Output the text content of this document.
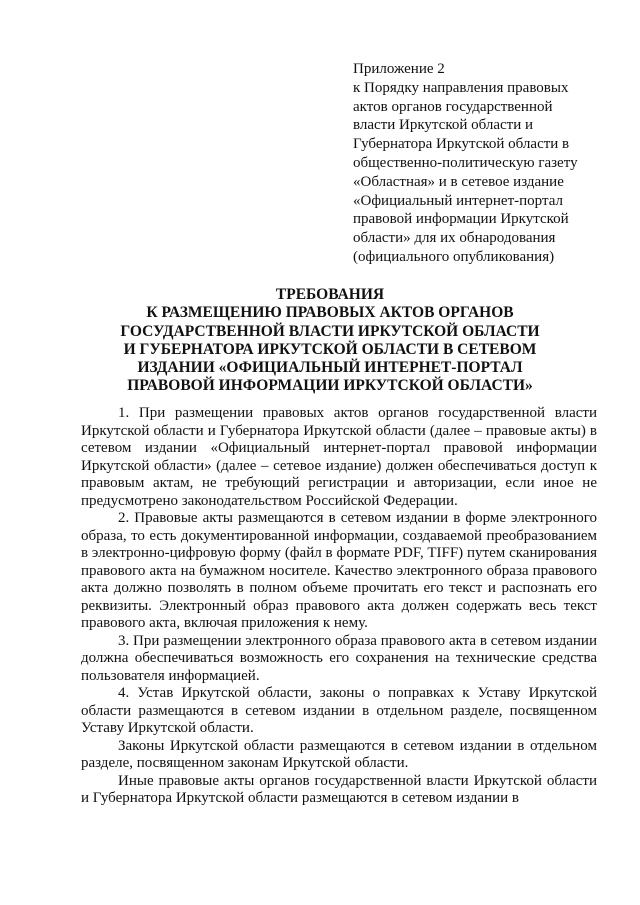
Приложение 2
к Порядку направления правовых
актов органов государственной
власти Иркутской области и
Губернатора Иркутской области в
общественно-политическую газету
«Областная» и в сетевое издание
«Официальный интернет-портал
правовой информации Иркутской
области» для их обнародования
(официального опубликования)
ТРЕБОВАНИЯ
К РАЗМЕЩЕНИЮ ПРАВОВЫХ АКТОВ ОРГАНОВ
ГОСУДАРСТВЕННОЙ ВЛАСТИ ИРКУТСКОЙ ОБЛАСТИ
И ГУБЕРНАТОРА ИРКУТСКОЙ ОБЛАСТИ В СЕТЕВОМ
ИЗДАНИИ «ОФИЦИАЛЬНЫЙ ИНТЕРНЕТ-ПОРТАЛ
ПРАВОВОЙ ИНФОРМАЦИИ ИРКУТСКОЙ ОБЛАСТИ»

1. При размещении правовых актов органов государственной власти Иркутской области и Губернатора Иркутской области (далее – правовые акты) в сетевом издании «Официальный интернет-портал правовой информации Иркутской области» (далее – сетевое издание) должен обеспечиваться доступ к правовым актам, не требующий регистрации и авторизации, если иное не предусмотрено законодательством Российской Федерации.

2. Правовые акты размещаются в сетевом издании в форме электронного образа, то есть документированной информации, создаваемой преобразованием в электронно-цифровую форму (файл в формате PDF, TIFF) путем сканирования правового акта на бумажном носителе. Качество электронного образа правового акта должно позволять в полном объеме прочитать его текст и распознать его реквизиты. Электронный образ правового акта должен содержать весь текст правового акта, включая приложения к нему.

3. При размещении электронного образа правового акта в сетевом издании должна обеспечиваться возможность его сохранения на технические средства пользователя информацией.

4. Устав Иркутской области, законы о поправках к Уставу Иркутской области размещаются в сетевом издании в отдельном разделе, посвященном Уставу Иркутской области.

Законы Иркутской области размещаются в сетевом издании в отдельном разделе, посвященном законам Иркутской области.

Иные правовые акты органов государственной власти Иркутской области и Губернатора Иркутской области размещаются в сетевом издании в
